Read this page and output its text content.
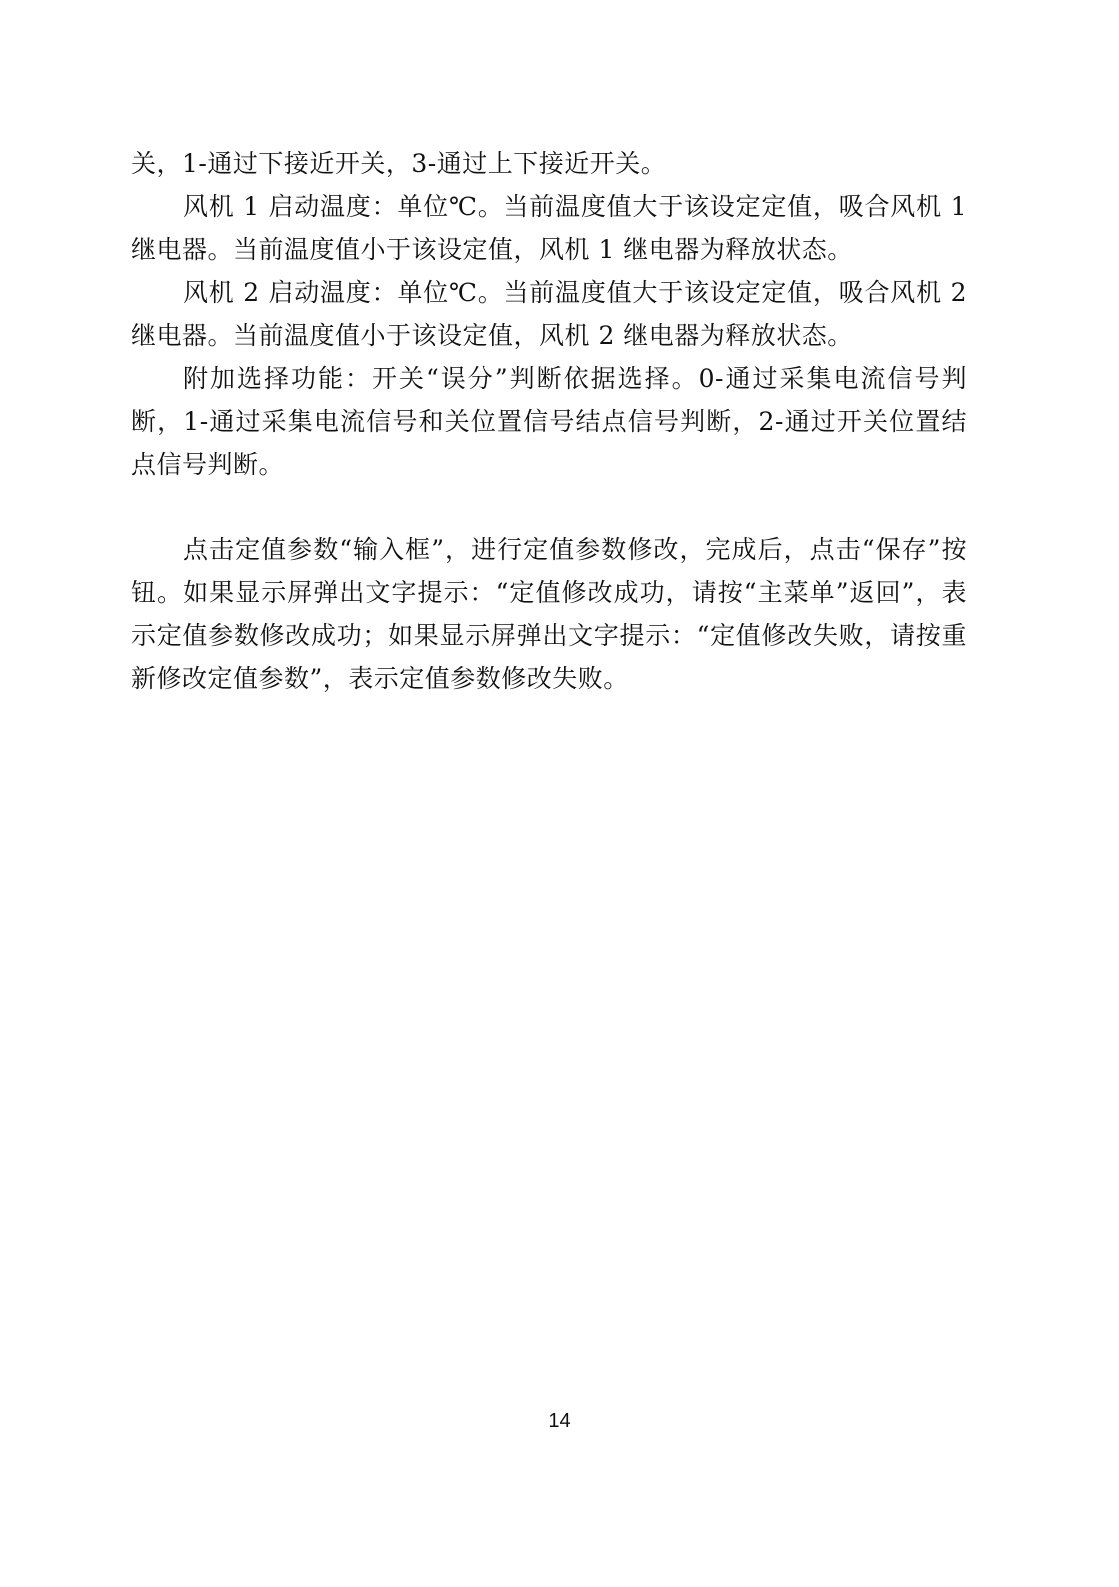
关，1-通过下接近开关，3-通过上下接近开关。

风机 1 启动温度：单位℃。当前温度值大于该设定定值，吸合风机 1 继电器。当前温度值小于该设定值，风机 1 继电器为释放状态。

风机 2 启动温度：单位℃。当前温度值大于该设定定值，吸合风机 2 继电器。当前温度值小于该设定值，风机 2 继电器为释放状态。

附加选择功能：开关“误分”判断依据选择。0-通过采集电流信号判断，1-通过采集电流信号和关位置信号结点信号判断，2-通过开关位置结点信号判断。

点击定值参数“输入框”，进行定值参数修改，完成后，点击“保存”按钮。如果显示屏弹出文字提示：“定值修改成功，请按“主菜单”返回”，表示定值参数修改成功；如果显示屏弹出文字提示：“定值修改失败，请按重新修改定值参数”，表示定值参数修改失败。

14
